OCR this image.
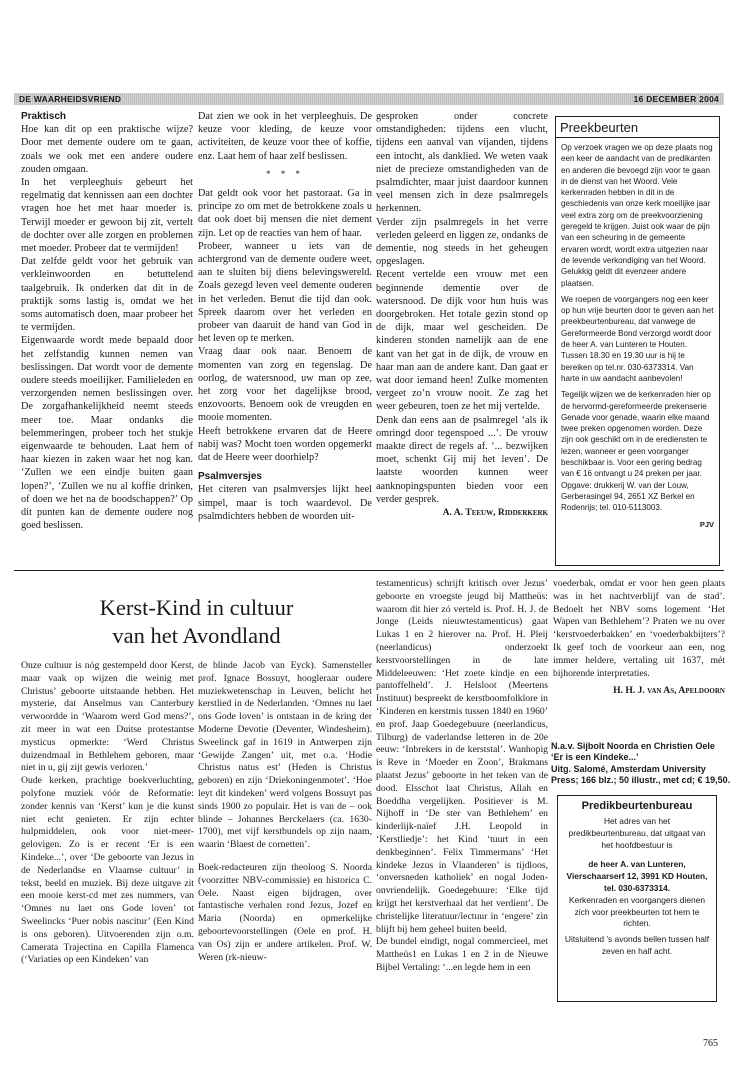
DE WAARHEIDSVRIEND	16 DECEMBER 2004
Praktisch

Hoe kan dit op een praktische wijze? Door met demente oudere om te gaan, zoals we ook met een andere oudere zouden omgaan.

In het verpleeghuis gebeurt het regelmatig dat kennissen aan een dochter vragen hoe het met haar moeder is. Terwijl moeder er gewoon bij zit, vertelt de dochter over alle zorgen en problemen met moeder. Probeer dat te vermijden!

Dat zelfde geldt voor het gebruik van verkleinwoorden en betuttelend taalgebruik. Ik onderken dat dit in de praktijk soms lastig is, omdat we het soms automatisch doen, maar probeer het te vermijden.

Eigenwaarde wordt mede bepaald door het zelfstandig kunnen nemen van beslissingen. Dat wordt voor de demente oudere steeds moeilijker. Familieleden en verzorgenden nemen beslissingen over. De zorgafhankelijkheid neemt steeds meer toe. Maar ondanks die belemmeringen, probeer toch het stukje eigenwaarde te behouden. Laat hem of haar kiezen in zaken waar het nog kan. ‘Zullen we een eindje buiten gaan lopen?’, ‘Zullen we nu al koffie drinken, of doen we het na de boodschappen?’ Op dit punten kan de demente oudere nog goed beslissen.

Dat zien we ook in het verpleeghuis. De keuze voor kleding, de keuze voor activiteiten, de keuze voor thee of koffie, enz. Laat hem of haar zelf beslissen.

* * *

Dat geldt ook voor het pastoraat. Ga in principe zo om met de betrokkene zoals u dat ook doet bij mensen die niet dement zijn. Let op de reacties van hem of haar.

Probeer, wanneer u iets van de achtergrond van de demente oudere weet, aan te sluiten bij diens belevingswereld. Zoals gezegd leven veel demente ouderen in het verleden. Benut die tijd dan ook. Spreek daarom over het verleden en probeer van daaruit de hand van God in het leven op te merken.

Vraag daar ook naar. Benoem de momenten van zorg en tegenslag. De oorlog, de watersnood, uw man op zee, het zorg voor het dagelijkse brood, enzovoorts. Benoem ook de vreugden en mooie momenten.

Heeft betrokkene ervaren dat de Heere nabij was? Mocht toen worden opgemerkt dat de Heere weer doorhielp?

Psalmversjes

Het citeren van psalmversjes lijkt heel simpel, maar is toch waardevol. De psalmdichters hebben de woorden uit-

gesproken onder concrete omstandigheden: tijdens een vlucht, tijdens een aanval van vijanden, tijdens een intocht, als danklied. We weten vaak niet de precieze omstandigheden van de psalmdichter, maar juist daardoor kunnen veel mensen zich in deze psalmregels herkennen.

Verder zijn psalmregels in het verre verleden geleerd en liggen ze, ondanks de dementie, nog steeds in het geheugen opgeslagen.

Recent vertelde een vrouw met een beginnende dementie over de watersnood. De dijk voor hun huis was doorgebroken. Het totale gezin stond op de dijk, maar wel gescheiden. De kinderen stonden namelijk aan de ene kant van het gat in de dijk, de vrouw en haar man aan de andere kant. Dan gaat er wat door iemand heen! Zulke momenten vergeet zo’n vrouw nooit. Ze zag het weer gebeuren, toen ze het mij vertelde.

Denk dan eens aan de psalmregel ‘als ik omringd door tegenspoed ...’. De vrouw maakte direct de regels af. ‘... bezwijken moet, schenkt Gij mij het leven’. De laatste woorden kunnen weer aanknopingspunten bieden voor een verder gesprek.

A. A. Teeuw, Ridderkerk
Preekbeurten

Op verzoek vragen we op deze plaats nog een keer de aandacht van de predikanten en anderen die bevoegd zijn voor te gaan in de dienst van het Woord. Vele kerkenraden hebben in dit in de geschiedenis van onze kerk moeilijke jaar veel extra zorg om de preekvoorziening geregeld te krijgen. Juist ook waar de pijn van een scheuring in de gemeente ervaren wordt, wordt extra uitgezien naar de levende verkondiging van het Woord. Gelukkig geldt dit evenzeer andere plaatsen.

We roepen de voorgangers nog een keer op hun vrije beurten door te geven aan het preekbeurtenbureau, dat vanwege de Gereformeerde Bond verzorgd wordt door de heer A. van Lunteren te Houten. Tussen 18.30 en 19.30 uur is hij te bereiken op tel.nr. 030-6373314. Van harte in uw aandacht aanbevolen!

Tegelijk wijzen we de kerkenraden hier op de hervormd-gereformeerde prekenserie Genade voor genade, waarin elke maand twee preken opgenomen worden. Deze zijn ook geschikt om in de erediensten te lezen, wanneer er geen voorganger beschikbaar is. Voor een gering bedrag van € 16 ontvangt u 24 preken per jaar. Opgave: drukkerij W. van der Louw, Gerberasingel 94, 2651 XZ Berkel en Rodenrijs; tel. 010-5113003.

PJV
Kerst-Kind in cultuur
van het Avondland

Onze cultuur is nóg gestempeld door Kerst, maar vaak op wijzen die weinig met Christus’ geboorte uitstaande hebben. Het mysterie, dat Anselmus van Canterbury verwoordde in ‘Waarom werd God mens?’, zit meer in wat een Duitse protestantse mysticus opmerkte: ‘Werd Christus duizendmaal in Bethlehem geboren, maar niet in u, gij zijt gewis verloren.’

Oude kerken, prachtige boekverluchting, polyfone muziek vóór de Reformatie: zonder kennis van ‘Kerst’ kun je die kunst niet echt genieten. Er zijn echter hulpmiddelen, ook voor niet-meer-gelovigen. Zo is er recent ‘Er is een Kindeke...’, over ‘De geboorte van Jezus in de Nederlandse en Vlaamse cultuur’ in tekst, beeld en muziek. Bij deze uitgave zit een mooie kerst-cd met zes nummers, van ‘Omnes nu laet ons Gode loven’ tot Sweelincks ‘Puer nobis nascitur’ (Een Kind is ons geboren). Uitvoerenden zijn o.m. Camerata Trajectina en Capilla Flamenca (‘Variaties op een Kindeken’ van

de blinde Jacob van Eyck). Samensteller prof. Ignace Bossuyt, hoogleraar oudere muziekwetenschap in Leuven, belicht het kerstlied in de Nederlanden. ‘Omnes nu laet ons Gode loven’ is ontstaan in de kring der Moderne Devotie (Deventer, Windesheim). Sweelinck gaf in 1619 in Antwerpen zijn ‘Gewijde Zangen’ uit, met o.a. ‘Hodie Christus natus est’ (Heden is Christus geboren) en zijn ‘Driekoningenmotet’. ‘Hoe leyt dit kindeken’ werd volgens Bossuyt pas sinds 1900 zo populair. Het is van de – ook blinde – Johannes Berckelaers (ca. 1630-1700), met vijf kerstbundels op zijn naam, waarin ‘Blaest de cornetten’.

Boek-redacteuren zijn theoloog S. Noorda (voorzitter NBV-commissie) en historica C. Oele. Naast eigen bijdragen, over fantastische verhalen rond Jezus, Jozef en Maria (Noorda) en opmerkelijke geboortevoorstellingen (Oele en prof. H. van Os) zijn er andere artikelen. Prof. W. Weren (rk-nieuw-

testamenticus) schrijft kritisch over Jezus’ geboorte en vroegste jeugd bij Mattheüs: waarom dit hier zó verteld is. Prof. H. J. de Jonge (Leids nieuwtestamenticus) gaat Lukas 1 en 2 hierover na. Prof. H. Pleij (neerlandicus) onderzoekt kerstvoorstellingen in de late Middeleeuwen: ‘Het zoete kindje en een pantoffelheld’. J. Helsloot (Meertens Instituut) bespreekt de kerstboomfolklore in ‘Kinderen en kerstmis tussen 1840 en 1960’ en prof. Jaap Goedegebuure (neerlandicus, Tilburg) de vaderlandse letteren in de 20e eeuw: ‘Inbrekers in de kerststal’. Wanhopig is Reve in ‘Moeder en Zoon’, Brakmans plaatst Jezus’ geboorte in het teken van de dood. Elsschot laat Christus, Allah en Boeddha vergelijken. Positiever is M. Nijhoff in ‘De ster van Bethlehem’ en kinderlijk-naïef J.H. Leopold in ‘Kerstliedje’: het Kind ‘tuurt in een denkbeginnen’. Felix Timmermans’ ‘Het kindeke Jezus in Vlaanderen’ is tijdloos, ‘onversneden katholiek’ en nogal Joden-onvriendelijk. Goedegebuure: ‘Elke tijd krijgt het kerstverhaal dat het verdient’. De christelijke literatuur/lectuur in ‘engere’ zin blijft bij hem geheel buiten beeld.

De bundel eindigt, nogal commercieel, met Mattheüs1 en Lukas 1 en 2 in de Nieuwe Bijbel Vertaling: ‘...en legde hem in een

voederbak, omdat er voor hen geen plaats was in het nachtverblijf van de stad’. Bedoelt het NBV soms logement ‘Het Wapen van Bethlehem’? Praten we nu over ‘kerstvoederbakken’ en ‘voederbakbijters’? Ik geef toch de voorkeur aan een, nog immer heldere, vertaling uit 1637, mét bijhorende interpretaties.

H. H. J. van As, Apeldoorn
N.a.v. Sijbolt Noorda en Christien Oele
‘Er is een Kindeke...’
Uitg. Salomé, Amsterdam University Press; 166 blz.; 50 illustr., met cd; € 19,50.
Predikbeurtenbureau

Het adres van het predikbeurtenbureau, dat uitgaat van het hoofdbestuur is

de heer A. van Lunteren, Vierschaarserf 12, 3991 KD Houten,

tel. 030-6373314.

Kerkenraden en voorgangers dienen zich voor preekbeurten tot hem te richten.

Uitsluitend ’s avonds bellen tussen half zeven en half acht.

765
